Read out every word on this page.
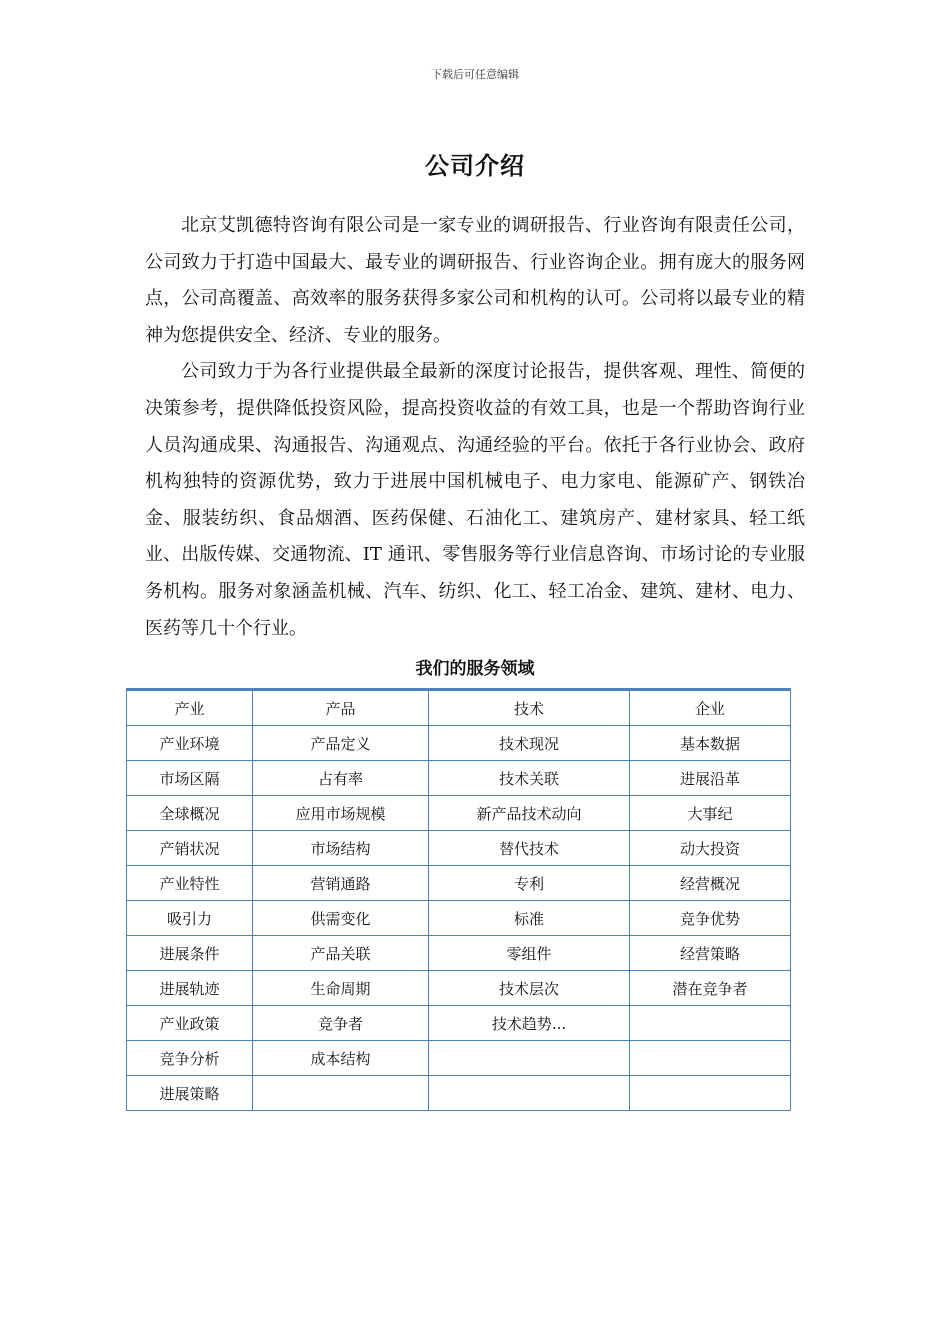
下载后可任意编辑
公司介绍

北京艾凯德特咨询有限公司是一家专业的调研报告、行业咨询有限责任公司，公司致力于打造中国最大、最专业的调研报告、行业咨询企业。拥有庞大的服务网点，公司高覆盖、高效率的服务获得多家公司和机构的认可。公司将以最专业的精神为您提供安全、经济、专业的服务。

公司致力于为各行业提供最全最新的深度讨论报告，提供客观、理性、简便的决策参考，提供降低投资风险，提高投资收益的有效工具，也是一个帮助咨询行业人员沟通成果、沟通报告、沟通观点、沟通经验的平台。依托于各行业协会、政府机构独特的资源优势，致力于进展中国机械电子、电力家电、能源矿产、钢铁冶金、服装纺织、食品烟酒、医药保健、石油化工、建筑房产、建材家具、轻工纸业、出版传媒、交通物流、IT 通讯、零售服务等行业信息咨询、市场讨论的专业服务机构。服务对象涵盖机械、汽车、纺织、化工、轻工冶金、建筑、建材、电力、医药等几十个行业。

我们的服务领域
产业	产品	技术	企业
产业环境	产品定义	技术现况	基本数据
市场区隔	占有率	技术关联	进展沿革
全球概况	应用市场规模	新产品技术动向	大事纪
产销状况	市场结构	替代技术	动大投资
产业特性	营销通路	专利	经营概况
吸引力	供需变化	标准	竞争优势
进展条件	产品关联	零组件	经营策略
进展轨迹	生命周期	技术层次	潜在竞争者
产业政策	竞争者	技术趋势...	
竞争分析	成本结构		
进展策略			
